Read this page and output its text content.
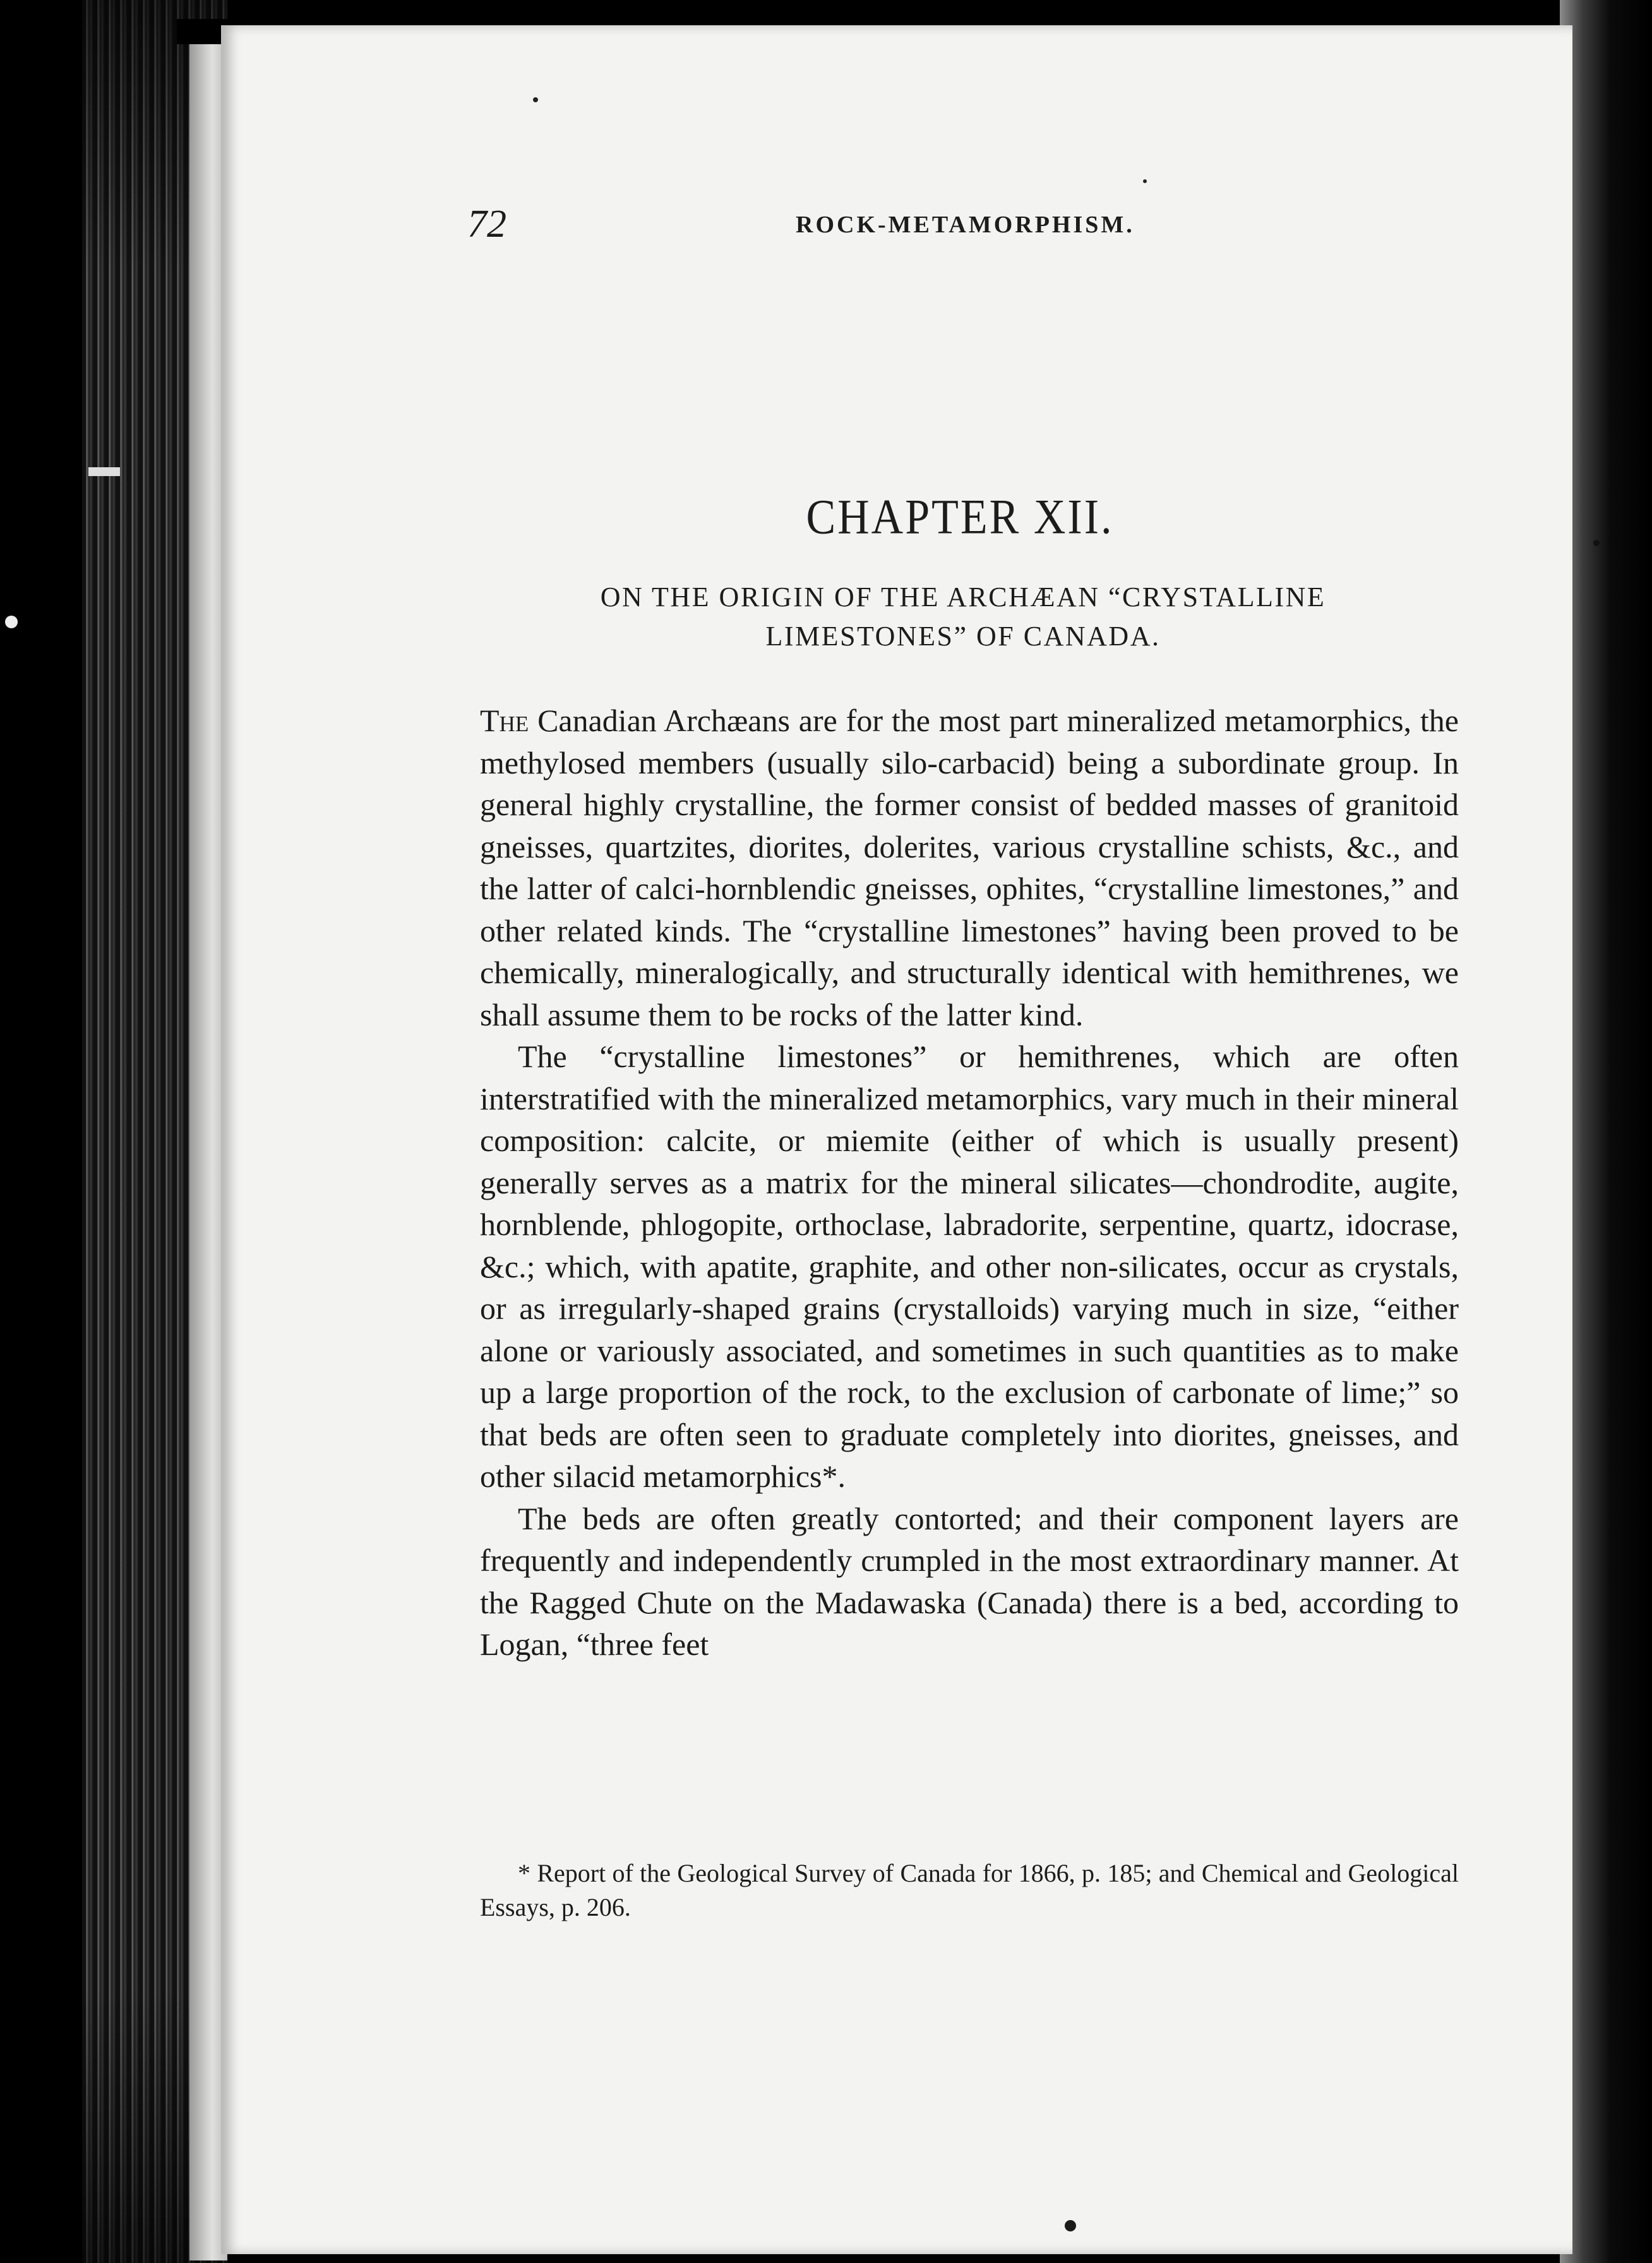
72	ROCK-METAMORPHISM.
CHAPTER XII.
ON THE ORIGIN OF THE ARCHÆAN “CRYSTALLINE LIMESTONES” OF CANADA.

The Canadian Archæans are for the most part mineralized metamorphics, the methylosed members (usually silo-carbacid) being a subordinate group. In general highly crystalline, the former consist of bedded masses of granitoid gneisses, quartzites, diorites, dolerites, various crystalline schists, &c., and the latter of calci-hornblendic gneisses, ophites, “crystalline limestones,” and other related kinds. The “crystalline limestones” having been proved to be chemically, mineralogically, and structurally identical with hemithrenes, we shall assume them to be rocks of the latter kind.

The “crystalline limestones” or hemithrenes, which are often interstratified with the mineralized metamorphics, vary much in their mineral composition: calcite, or miemite (either of which is usually present) generally serves as a matrix for the mineral silicates—chondrodite, augite, hornblende, phlogopite, orthoclase, labradorite, serpentine, quartz, idocrase, &c.; which, with apatite, graphite, and other non-silicates, occur as crystals, or as irregularly-shaped grains (crystalloids) varying much in size, “either alone or variously associated, and sometimes in such quantities as to make up a large proportion of the rock, to the exclusion of carbonate of lime;” so that beds are often seen to graduate completely into diorites, gneisses, and other silacid metamorphics*.

The beds are often greatly contorted; and their component layers are frequently and independently crumpled in the most extraordinary manner. At the Ragged Chute on the Madawaska (Canada) there is a bed, according to Logan, “three feet

* Report of the Geological Survey of Canada for 1866, p. 185; and Chemical and Geological Essays, p. 206.
